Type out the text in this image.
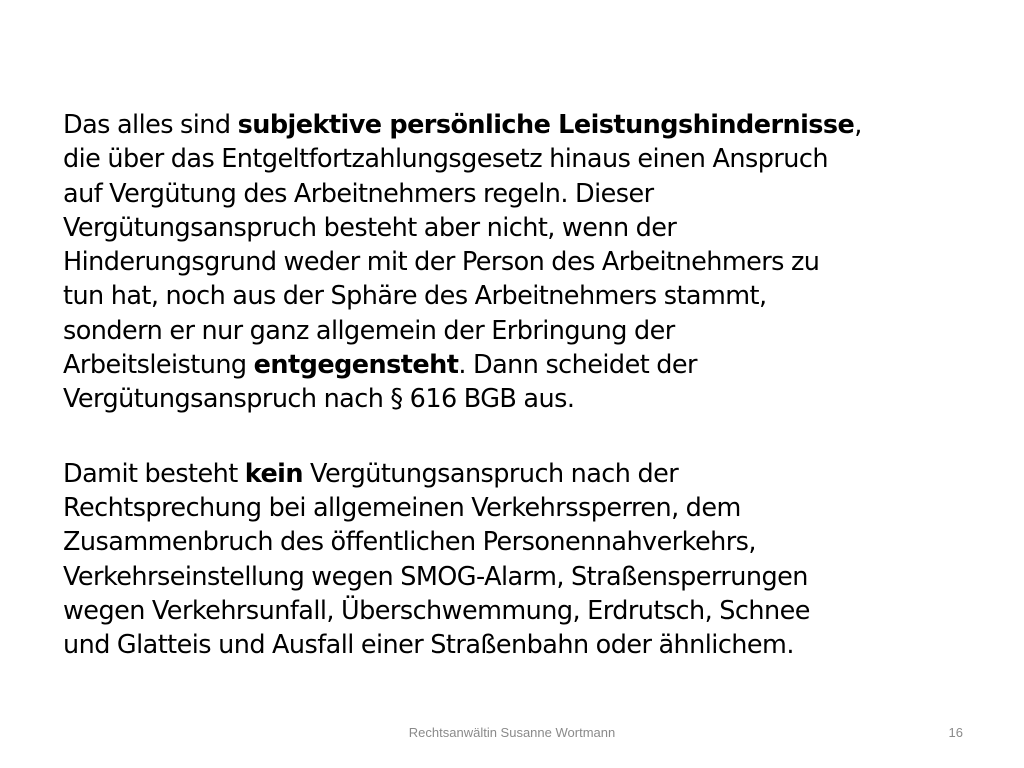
Das alles sind subjektive persönliche Leistungshindernisse,
die über das Entgeltfortzahlungsgesetz hinaus einen Anspruch
auf Vergütung des Arbeitnehmers regeln. Dieser
Vergütungsanspruch besteht aber nicht, wenn der
Hinderungsgrund weder mit der Person des Arbeitnehmers zu
tun hat, noch aus der Sphäre des Arbeitnehmers stammt,
sondern er nur ganz allgemein der Erbringung der
Arbeitsleistung entgegensteht. Dann scheidet der
Vergütungsanspruch nach § 616 BGB aus.

Damit besteht kein Vergütungsanspruch nach der
Rechtsprechung bei allgemeinen Verkehrssperren, dem
Zusammenbruch des öffentlichen Personennahverkehrs,
Verkehrseinstellung wegen SMOG-Alarm, Straßensperrungen
wegen Verkehrsunfall, Überschwemmung, Erdrutsch, Schnee
und Glatteis und Ausfall einer Straßenbahn oder ähnlichem.

Rechtsanwältin Susanne Wortmann	16
